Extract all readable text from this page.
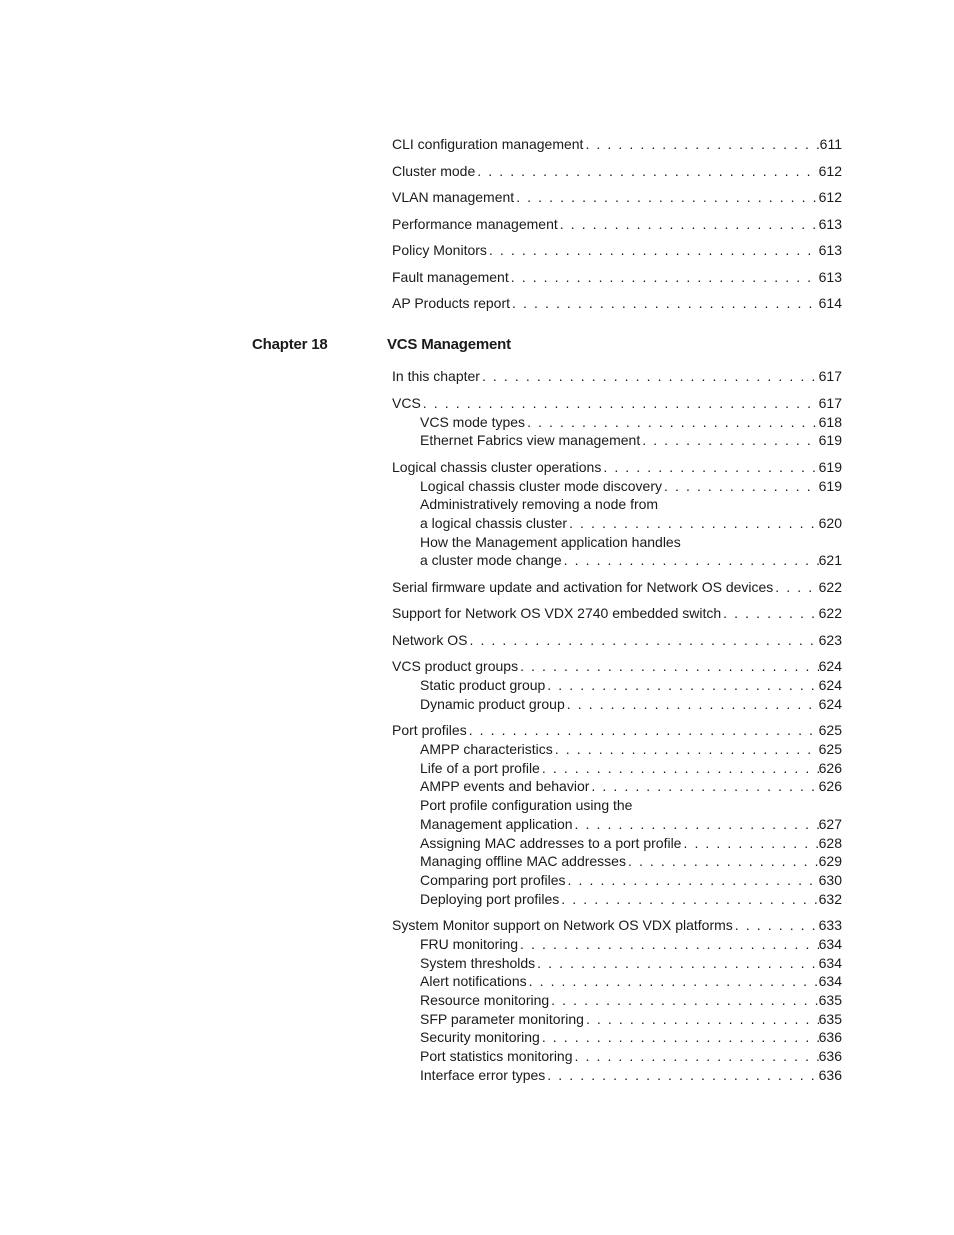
CLI configuration management . . .	611
Cluster mode . . .	612
VLAN management . . .	612
Performance management . . .	613
Policy Monitors . . .	613
Fault management . . .	613
AP Products report . . .	614
Chapter 18	VCS Management
In this chapter . . .	617
VCS . . .	617
VCS mode types . . .	618
Ethernet Fabrics view management . . .	619
Logical chassis cluster operations . . .	619
Logical chassis cluster mode discovery . . .	619
Administratively removing a node from
a logical chassis cluster . . .	620
How the Management application handles
a cluster mode change . . .	621
Serial firmware update and activation for Network OS devices . . .	622
Support for Network OS VDX 2740 embedded switch . . .	622
Network OS . . .	623
VCS product groups . . .	624
Static product group . . .	624
Dynamic product group . . .	624
Port profiles . . .	625
AMPP characteristics . . .	625
Life of a port profile . . .	626
AMPP events and behavior . . .	626
Port profile configuration using the
Management application . . .	627
Assigning MAC addresses to a port profile . . .	628
Managing offline MAC addresses . . .	629
Comparing port profiles . . .	630
Deploying port profiles . . .	632
System Monitor support on Network OS VDX platforms . . .	633
FRU monitoring . . .	634
System thresholds . . .	634
Alert notifications . . .	634
Resource monitoring . . .	635
SFP parameter monitoring . . .	635
Security monitoring . . .	636
Port statistics monitoring . . .	636
Interface error types . . .	636
